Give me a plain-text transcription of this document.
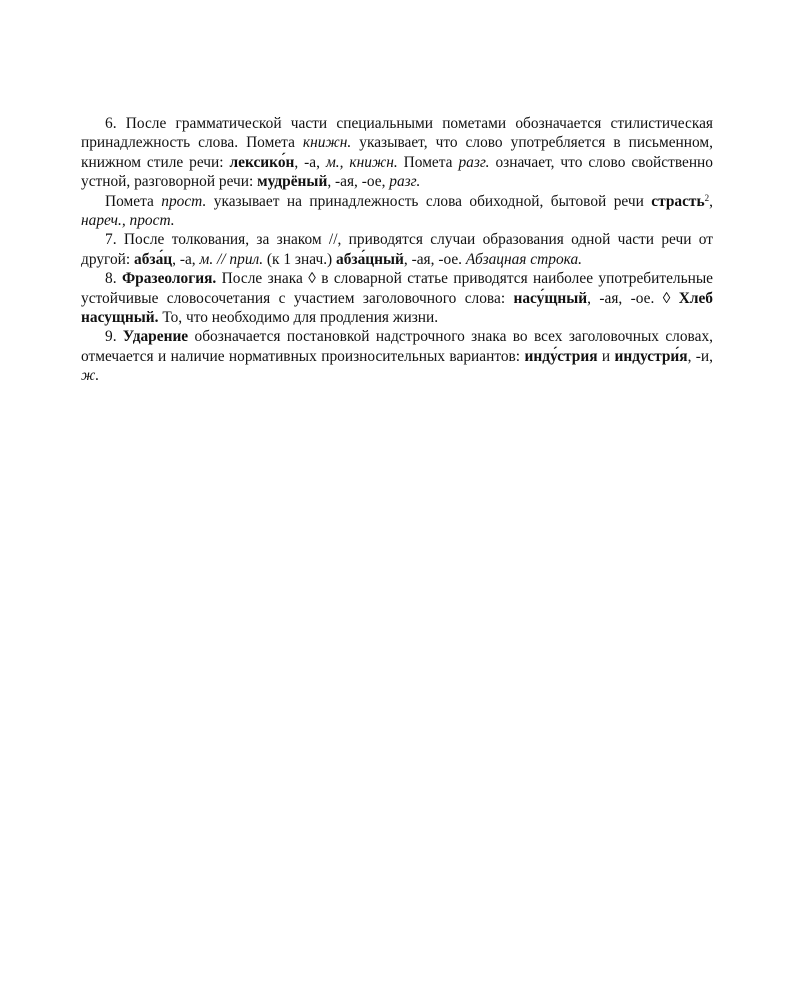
6. После грамматической части специальными пометами обозначается стилистическая принадлежность слова. Помета книжн. указывает, что слово употребляется в письменном, книжном стиле речи: лексико́н, -а, м., книжн. Помета разг. означает, что слово свойственно устной, разговорной речи: мудрёный, -ая, -ое, разг.

Помета прост. указывает на принадлежность слова обиходной, бытовой речи страсть$^2$, нареч., прост.

7. После толкования, за знаком //, приводятся случаи образования одной части речи от другой: абза́ц, -а, м. // прил. (к 1 знач.) абза́цный, -ая, -ое. Абзацная строка.

8. Фразеология. После знака ◊ в словарной статье приводятся наиболее употребительные устойчивые словосочетания с участием заголовочного слова: насу́щный, -ая, -ое. ◊ Хлеб насущный. То, что необходимо для продления жизни.

9. Ударение обозначается постановкой надстрочного знака во всех заголовочных словах, отмечается и наличие нормативных произносительных вариантов: инду́стрия и индустри́я, -и, ж.
